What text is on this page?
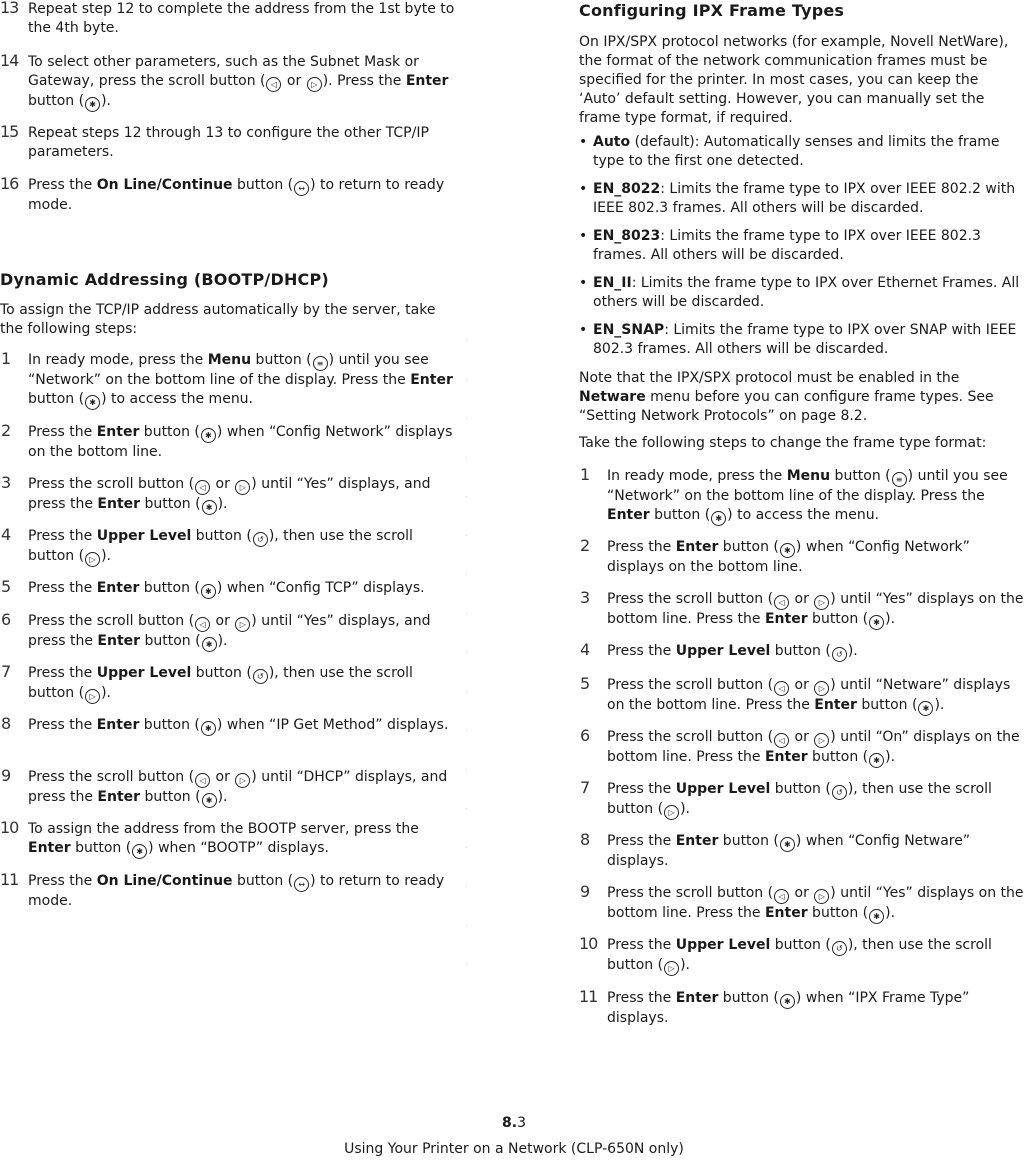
13 Repeat step 12 to complete the address from the 1st byte to the 4th byte.
14 To select other parameters, such as the Subnet Mask or Gateway, press the scroll button ( ◁ or ▷ ). Press the Enter button ( ✱ ).
15 Repeat steps 12 through 13 to configure the other TCP/IP parameters.
16 Press the On Line/Continue button ( ↔ ) to return to ready mode.
Dynamic Addressing (BOOTP/DHCP)

To assign the TCP/IP address automatically by the server, take the following steps:

1 In ready mode, press the Menu button ( ≡ ) until you see “Network” on the bottom line of the display. Press the Enter button ( ✱ ) to access the menu.
2 Press the Enter button ( ✱ ) when “Config Network” displays on the bottom line.
3 Press the scroll button ( ◁ or ▷ ) until “Yes” displays, and press the Enter button ( ✱ ).
4 Press the Upper Level button ( ↺ ), then use the scroll button ( ▷ ).
5 Press the Enter button ( ✱ ) when “Config TCP” displays.
6 Press the scroll button ( ◁ or ▷ ) until “Yes” displays, and press the Enter button ( ✱ ).
7 Press the Upper Level button ( ↺ ), then use the scroll button ( ▷ ).
8 Press the Enter button ( ✱ ) when “IP Get Method” displays.
9 Press the scroll button ( ◁ or ▷ ) until “DHCP” displays, and press the Enter button ( ✱ ).
10 To assign the address from the BOOTP server, press the Enter button ( ✱ ) when “BOOTP” displays.
11 Press the On Line/Continue button ( ↔ ) to return to ready mode.
Configuring IPX Frame Types

On IPX/SPX protocol networks (for example, Novell NetWare), the format of the network communication frames must be specified for the printer. In most cases, you can keep the ‘Auto’ default setting. However, you can manually set the frame type format, if required.

• Auto (default): Automatically senses and limits the frame type to the first one detected.

• EN_8022: Limits the frame type to IPX over IEEE 802.2 with IEEE 802.3 frames. All others will be discarded.

• EN_8023: Limits the frame type to IPX over IEEE 802.3 frames. All others will be discarded.

• EN_II: Limits the frame type to IPX over Ethernet Frames. All others will be discarded.

• EN_SNAP: Limits the frame type to IPX over SNAP with IEEE 802.3 frames. All others will be discarded.

Note that the IPX/SPX protocol must be enabled in the Netware menu before you can configure frame types. See “Setting Network Protocols” on page 8.2.

Take the following steps to change the frame type format:

1 In ready mode, press the Menu button ( ≡ ) until you see “Network” on the bottom line of the display. Press the Enter button ( ✱ ) to access the menu.
2 Press the Enter button ( ✱ ) when “Config Network” displays on the bottom line.
3 Press the scroll button ( ◁ or ▷ ) until “Yes” displays on the bottom line. Press the Enter button ( ✱ ).
4 Press the Upper Level button ( ↺ ).
5 Press the scroll button ( ◁ or ▷ ) until “Netware” displays on the bottom line. Press the Enter button ( ✱ ).
6 Press the scroll button ( ◁ or ▷ ) until “On” displays on the bottom line. Press the Enter button ( ✱ ).
7 Press the Upper Level button ( ↺ ), then use the scroll button ( ▷ ).
8 Press the Enter button ( ✱ ) when “Config Netware” displays.
9 Press the scroll button ( ◁ or ▷ ) until “Yes” displays on the bottom line. Press the Enter button ( ✱ ).
10 Press the Upper Level button ( ↺ ), then use the scroll button ( ▷ ).
11 Press the Enter button ( ✱ ) when “IPX Frame Type” displays.
8.3
Using Your Printer on a Network (CLP-650N only)
